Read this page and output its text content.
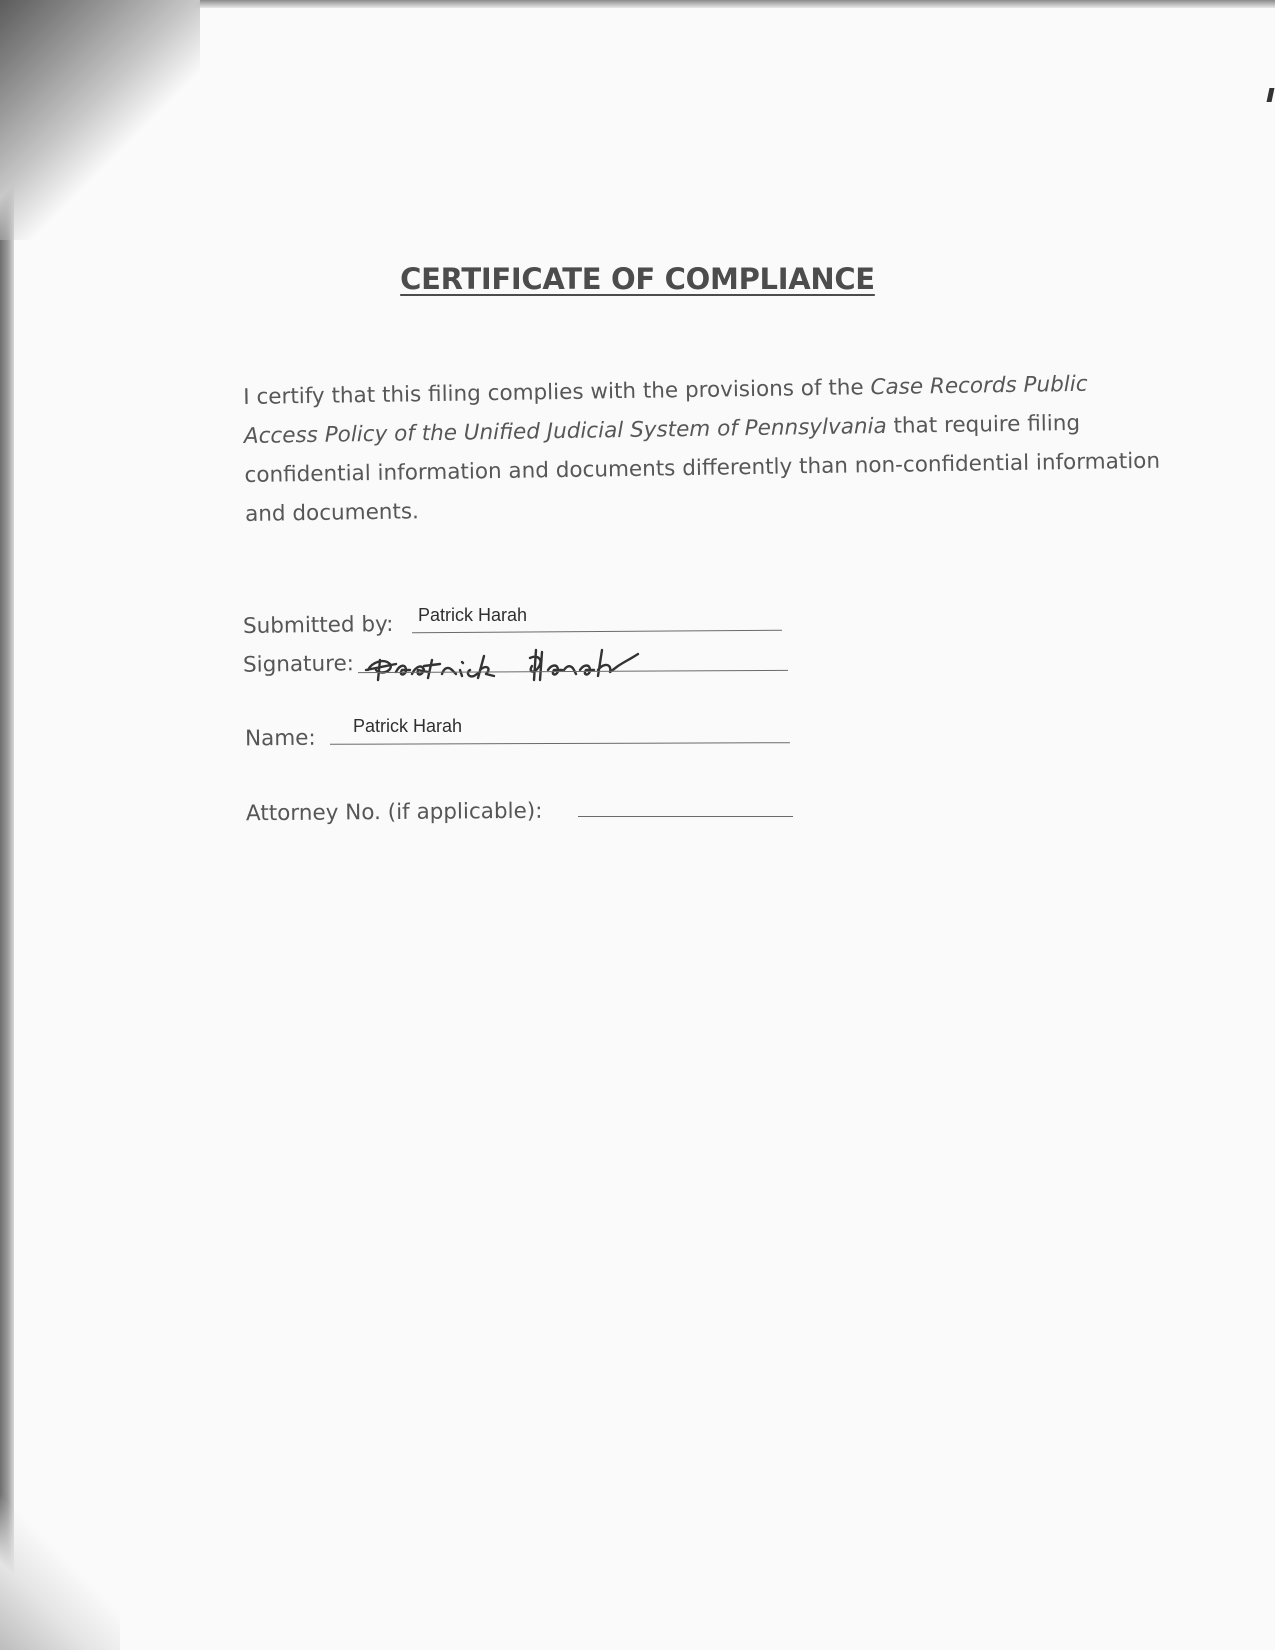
CERTIFICATE OF COMPLIANCE
I certify that this filing complies with the provisions of the Case Records Public Access Policy of the Unified Judicial System of Pennsylvania that require filing confidential information and documents differently than non-confidential information and documents.
Submitted by: Patrick Harah
Signature:
Name: Patrick Harah
Attorney No. (if applicable):
